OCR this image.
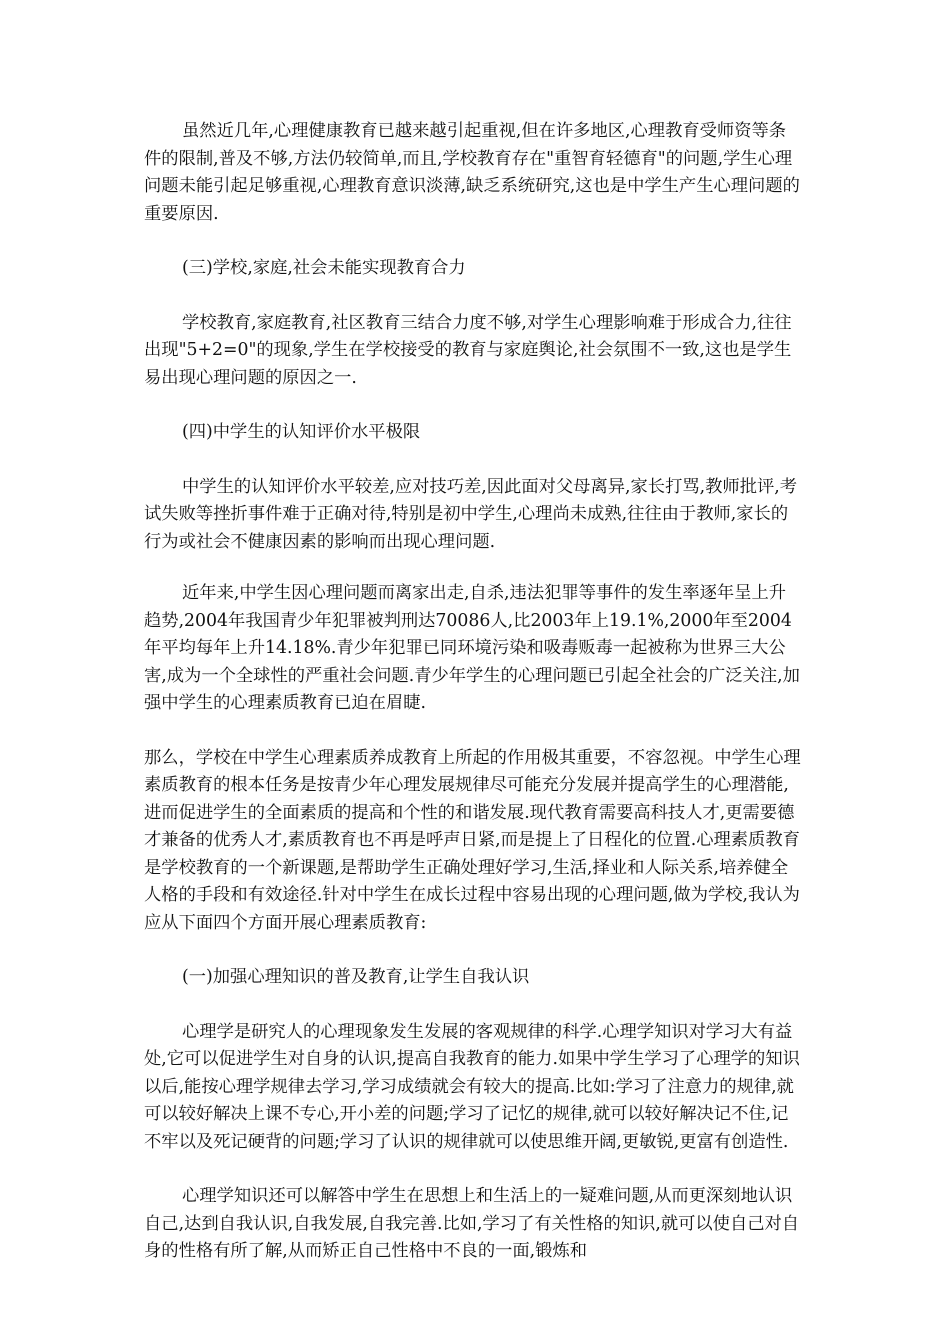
虽然近几年,心理健康教育已越来越引起重视,但在许多地区,心理教育受师资等条件的限制,普及不够,方法仍较简单,而且,学校教育存在"重智育轻德育"的问题,学生心理问题未能引起足够重视,心理教育意识淡薄,缺乏系统研究,这也是中学生产生心理问题的重要原因.

(三)学校,家庭,社会未能实现教育合力

学校教育,家庭教育,社区教育三结合力度不够,对学生心理影响难于形成合力,往往出现"5+2=0"的现象,学生在学校接受的教育与家庭舆论,社会氛围不一致,这也是学生易出现心理问题的原因之一.

(四)中学生的认知评价水平极限

中学生的认知评价水平较差,应对技巧差,因此面对父母离异,家长打骂,教师批评,考试失败等挫折事件难于正确对待,特别是初中学生,心理尚未成熟,往往由于教师,家长的行为或社会不健康因素的影响而出现心理问题.

近年来,中学生因心理问题而离家出走,自杀,违法犯罪等事件的发生率逐年呈上升趋势,2004年我国青少年犯罪被判刑达70086人,比2003年上19.1%,2000年至2004年平均每年上升14.18%.青少年犯罪已同环境污染和吸毒贩毒一起被称为世界三大公害,成为一个全球性的严重社会问题.青少年学生的心理问题已引起全社会的广泛关注,加强中学生的心理素质教育已迫在眉睫.

那么，学校在中学生心理素质养成教育上所起的作用极其重要，不容忽视。中学生心理素质教育的根本任务是按青少年心理发展规律尽可能充分发展并提高学生的心理潜能,进而促进学生的全面素质的提高和个性的和谐发展.现代教育需要高科技人才,更需要德才兼备的优秀人才,素质教育也不再是呼声日紧,而是提上了日程化的位置.心理素质教育是学校教育的一个新课题,是帮助学生正确处理好学习,生活,择业和人际关系,培养健全人格的手段和有效途径.针对中学生在成长过程中容易出现的心理问题,做为学校,我认为应从下面四个方面开展心理素质教育:

(一)加强心理知识的普及教育,让学生自我认识

心理学是研究人的心理现象发生发展的客观规律的科学.心理学知识对学习大有益处,它可以促进学生对自身的认识,提高自我教育的能力.如果中学生学习了心理学的知识以后,能按心理学规律去学习,学习成绩就会有较大的提高.比如:学习了注意力的规律,就可以较好解决上课不专心,开小差的问题;学习了记忆的规律,就可以较好解决记不住,记不牢以及死记硬背的问题;学习了认识的规律就可以使思维开阔,更敏锐,更富有创造性.

心理学知识还可以解答中学生在思想上和生活上的一疑难问题,从而更深刻地认识自己,达到自我认识,自我发展,自我完善.比如,学习了有关性格的知识,就可以使自己对自身的性格有所了解,从而矫正自己性格中不良的一面,锻炼和
